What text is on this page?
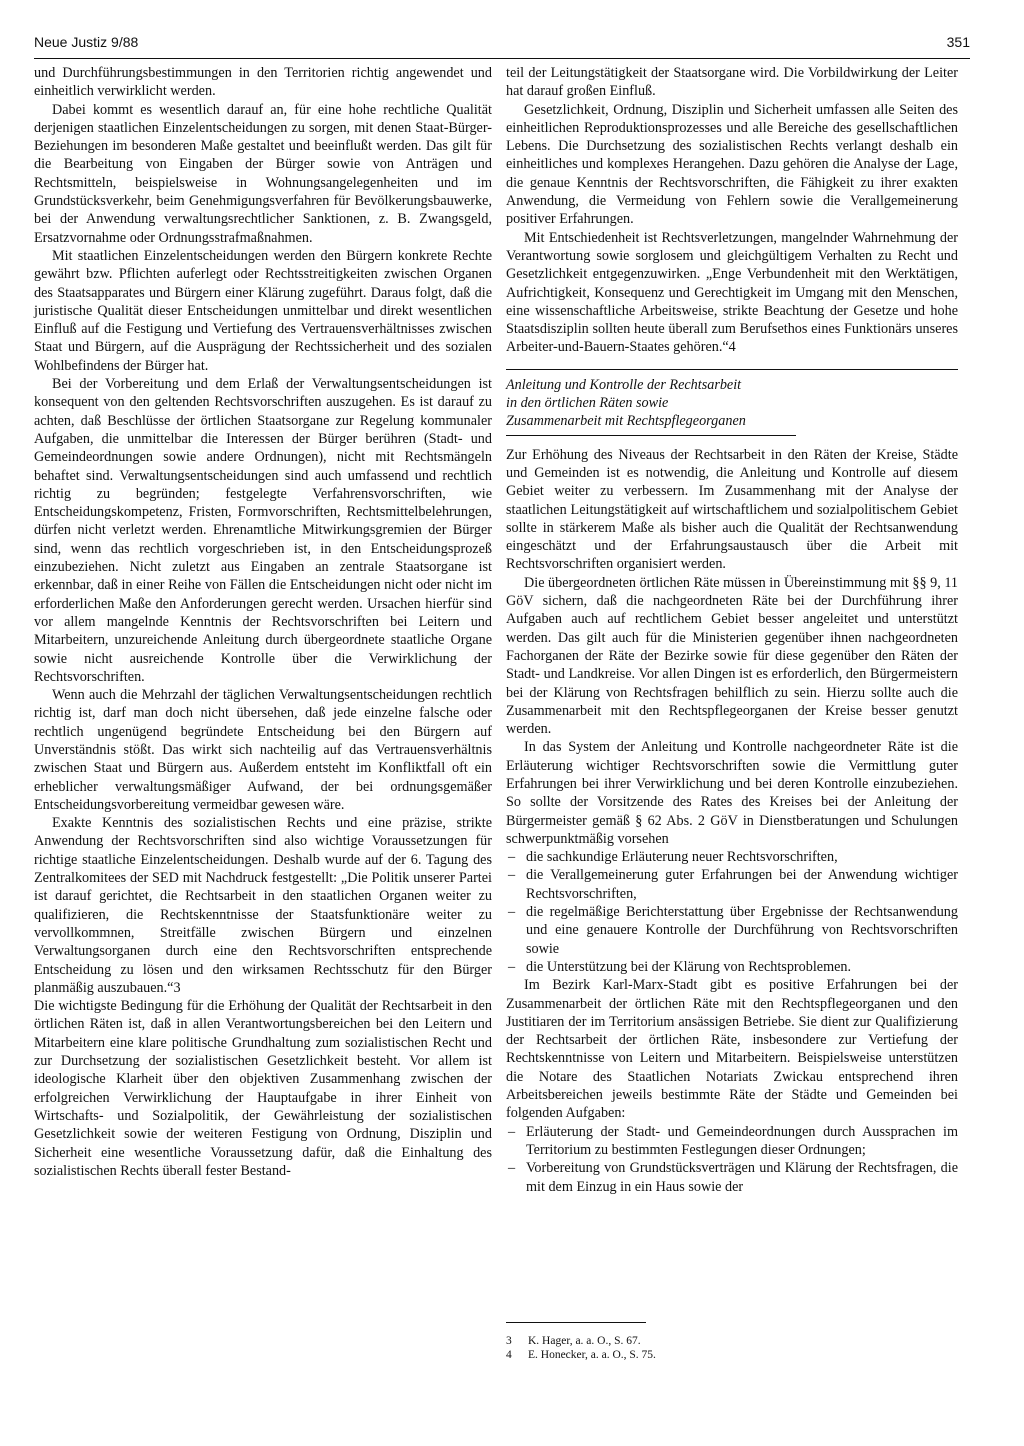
Neue Justiz 9/88	351

und Durchführungsbestimmungen in den Territorien richtig angewendet und einheitlich verwirklicht werden.

Dabei kommt es wesentlich darauf an, für eine hohe rechtliche Qualität derjenigen staatlichen Einzelentscheidungen zu sorgen, mit denen Staat-Bürger-Beziehungen im besonderen Maße gestaltet und beeinflußt werden. Das gilt für die Bearbeitung von Eingaben der Bürger sowie von Anträgen und Rechtsmitteln, beispielsweise in Wohnungsangelegenheiten und im Grundstücksverkehr, beim Genehmigungsverfahren für Bevölkerungsbauwerke, bei der Anwendung verwaltungsrechtlicher Sanktionen, z. B. Zwangsgeld, Ersatzvornahme oder Ordnungsstrafmaßnahmen.

Mit staatlichen Einzelentscheidungen werden den Bürgern konkrete Rechte gewährt bzw. Pflichten auferlegt oder Rechtsstreitigkeiten zwischen Organen des Staatsapparates und Bürgern einer Klärung zugeführt. Daraus folgt, daß die juristische Qualität dieser Entscheidungen unmittelbar und direkt wesentlichen Einfluß auf die Festigung und Vertiefung des Vertrauensverhältnisses zwischen Staat und Bürgern, auf die Ausprägung der Rechtssicherheit und des sozialen Wohlbefindens der Bürger hat.

Bei der Vorbereitung und dem Erlaß der Verwaltungsentscheidungen ist konsequent von den geltenden Rechtsvorschriften auszugehen. Es ist darauf zu achten, daß Beschlüsse der örtlichen Staatsorgane zur Regelung kommunaler Aufgaben, die unmittelbar die Interessen der Bürger berühren (Stadt- und Gemeindeordnungen sowie andere Ordnungen), nicht mit Rechtsmängeln behaftet sind. Verwaltungsentscheidungen sind auch umfassend und rechtlich richtig zu begründen; festgelegte Verfahrensvorschriften, wie Entscheidungskompetenz, Fristen, Formvorschriften, Rechtsmittelbelehrungen, dürfen nicht verletzt werden. Ehrenamtliche Mitwirkungsgremien der Bürger sind, wenn das rechtlich vorgeschrieben ist, in den Entscheidungsprozeß einzubeziehen. Nicht zuletzt aus Eingaben an zentrale Staatsorgane ist erkennbar, daß in einer Reihe von Fällen die Entscheidungen nicht oder nicht im erforderlichen Maße den Anforderungen gerecht werden. Ursachen hierfür sind vor allem mangelnde Kenntnis der Rechtsvorschriften bei Leitern und Mitarbeitern, unzureichende Anleitung durch übergeordnete staatliche Organe sowie nicht ausreichende Kontrolle über die Verwirklichung der Rechtsvorschriften.

Wenn auch die Mehrzahl der täglichen Verwaltungsentscheidungen rechtlich richtig ist, darf man doch nicht übersehen, daß jede einzelne falsche oder rechtlich ungenügend begründete Entscheidung bei den Bürgern auf Unverständnis stößt. Das wirkt sich nachteilig auf das Vertrauensverhältnis zwischen Staat und Bürgern aus. Außerdem entsteht im Konfliktfall oft ein erheblicher verwaltungsmäßiger Aufwand, der bei ordnungsgemäßer Entscheidungsvorbereitung vermeidbar gewesen wäre.

Exakte Kenntnis des sozialistischen Rechts und eine präzise, strikte Anwendung der Rechtsvorschriften sind also wichtige Voraussetzungen für richtige staatliche Einzelentscheidungen. Deshalb wurde auf der 6. Tagung des Zentralkomitees der SED mit Nachdruck festgestellt: „Die Politik unserer Partei ist darauf gerichtet, die Rechtsarbeit in den staatlichen Organen weiter zu qualifizieren, die Rechtskenntnisse der Staatsfunktionäre weiter zu vervollkommnen, Streitfälle zwischen Bürgern und einzelnen Verwaltungsorganen durch eine den Rechtsvorschriften entsprechende Entscheidung zu lösen und den wirksamen Rechtsschutz für den Bürger planmäßig auszubauen.“3

Die wichtigste Bedingung für die Erhöhung der Qualität der Rechtsarbeit in den örtlichen Räten ist, daß in allen Verantwortungsbereichen bei den Leitern und Mitarbeitern eine klare politische Grundhaltung zum sozialistischen Recht und zur Durchsetzung der sozialistischen Gesetzlichkeit besteht. Vor allem ist ideologische Klarheit über den objektiven Zusammenhang zwischen der erfolgreichen Verwirklichung der Hauptaufgabe in ihrer Einheit von Wirtschafts- und Sozialpolitik, der Gewährleistung der sozialistischen Gesetzlichkeit sowie der weiteren Festigung von Ordnung, Disziplin und Sicherheit eine wesentliche Voraussetzung dafür, daß die Einhaltung des sozialistischen Rechts überall fester Bestand-

teil der Leitungstätigkeit der Staatsorgane wird. Die Vorbildwirkung der Leiter hat darauf großen Einfluß.

Gesetzlichkeit, Ordnung, Disziplin und Sicherheit umfassen alle Seiten des einheitlichen Reproduktionsprozesses und alle Bereiche des gesellschaftlichen Lebens. Die Durchsetzung des sozialistischen Rechts verlangt deshalb ein einheitliches und komplexes Herangehen. Dazu gehören die Analyse der Lage, die genaue Kenntnis der Rechtsvorschriften, die Fähigkeit zu ihrer exakten Anwendung, die Vermeidung von Fehlern sowie die Verallgemeinerung positiver Erfahrungen.

Mit Entschiedenheit ist Rechtsverletzungen, mangelnder Wahrnehmung der Verantwortung sowie sorglosem und gleichgültigem Verhalten zu Recht und Gesetzlichkeit entgegenzuwirken. „Enge Verbundenheit mit den Werktätigen, Aufrichtigkeit, Konsequenz und Gerechtigkeit im Umgang mit den Menschen, eine wissenschaftliche Arbeitsweise, strikte Beachtung der Gesetze und hohe Staatsdisziplin sollten heute überall zum Berufsethos eines Funktionärs unseres Arbeiter-und-Bauern-Staates gehören.“4

Anleitung und Kontrolle der Rechtsarbeit
in den örtlichen Räten sowie
Zusammenarbeit mit Rechtspflegeorganen

Zur Erhöhung des Niveaus der Rechtsarbeit in den Räten der Kreise, Städte und Gemeinden ist es notwendig, die Anleitung und Kontrolle auf diesem Gebiet weiter zu verbessern. Im Zusammenhang mit der Analyse der staatlichen Leitungstätigkeit auf wirtschaftlichem und sozialpolitischem Gebiet sollte in stärkerem Maße als bisher auch die Qualität der Rechtsanwendung eingeschätzt und der Erfahrungsaustausch über die Arbeit mit Rechtsvorschriften organisiert werden.

Die übergeordneten örtlichen Räte müssen in Übereinstimmung mit §§ 9, 11 GöV sichern, daß die nachgeordneten Räte bei der Durchführung ihrer Aufgaben auch auf rechtlichem Gebiet besser angeleitet und unterstützt werden. Das gilt auch für die Ministerien gegenüber ihnen nachgeordneten Fachorganen der Räte der Bezirke sowie für diese gegenüber den Räten der Stadt- und Landkreise. Vor allen Dingen ist es erforderlich, den Bürgermeistern bei der Klärung von Rechtsfragen behilflich zu sein. Hierzu sollte auch die Zusammenarbeit mit den Rechtspflegeorganen der Kreise besser genutzt werden.

In das System der Anleitung und Kontrolle nachgeordneter Räte ist die Erläuterung wichtiger Rechtsvorschriften sowie die Vermittlung guter Erfahrungen bei ihrer Verwirklichung und bei deren Kontrolle einzubeziehen. So sollte der Vorsitzende des Rates des Kreises bei der Anleitung der Bürgermeister gemäß § 62 Abs. 2 GöV in Dienstberatungen und Schulungen schwerpunktmäßig vorsehen

– die sachkundige Erläuterung neuer Rechtsvorschriften,
– die Verallgemeinerung guter Erfahrungen bei der Anwendung wichtiger Rechtsvorschriften,
– die regelmäßige Berichterstattung über Ergebnisse der Rechtsanwendung und eine genauere Kontrolle der Durchführung von Rechtsvorschriften sowie
– die Unterstützung bei der Klärung von Rechtsproblemen.

Im Bezirk Karl-Marx-Stadt gibt es positive Erfahrungen bei der Zusammenarbeit der örtlichen Räte mit den Rechtspflegeorganen und den Justitiaren der im Territorium ansässigen Betriebe. Sie dient zur Qualifizierung der Rechtsarbeit der örtlichen Räte, insbesondere zur Vertiefung der Rechtskenntnisse von Leitern und Mitarbeitern. Beispielsweise unterstützen die Notare des Staatlichen Notariats Zwickau entsprechend ihren Arbeitsbereichen jeweils bestimmte Räte der Städte und Gemeinden bei folgenden Aufgaben:

– Erläuterung der Stadt- und Gemeindeordnungen durch Aussprachen im Territorium zu bestimmten Festlegungen dieser Ordnungen;
– Vorbereitung von Grundstücksverträgen und Klärung der Rechtsfragen, die mit dem Einzug in ein Haus sowie der
3 K. Hager, a. a. O., S. 67.
4 E. Honecker, a. a. O., S. 75.
